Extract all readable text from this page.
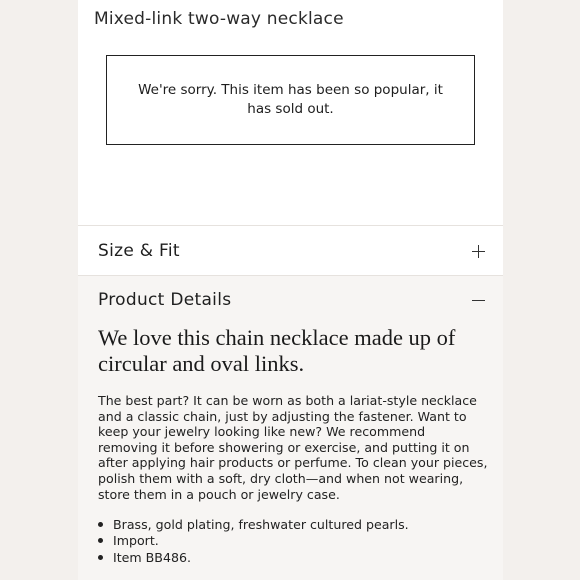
Mixed-link two-way necklace
We're sorry. This item has been so popular, it has sold out.
Size & Fit
Product Details
We love this chain necklace made up of circular and oval links.
The best part? It can be worn as both a lariat-style necklace and a classic chain, just by adjusting the fastener. Want to keep your jewelry looking like new? We recommend removing it before showering or exercise, and putting it on after applying hair products or perfume. To clean your pieces, polish them with a soft, dry cloth—and when not wearing, store them in a pouch or jewelry case.
Brass, gold plating, freshwater cultured pearls.
Import.
Item BB486.
